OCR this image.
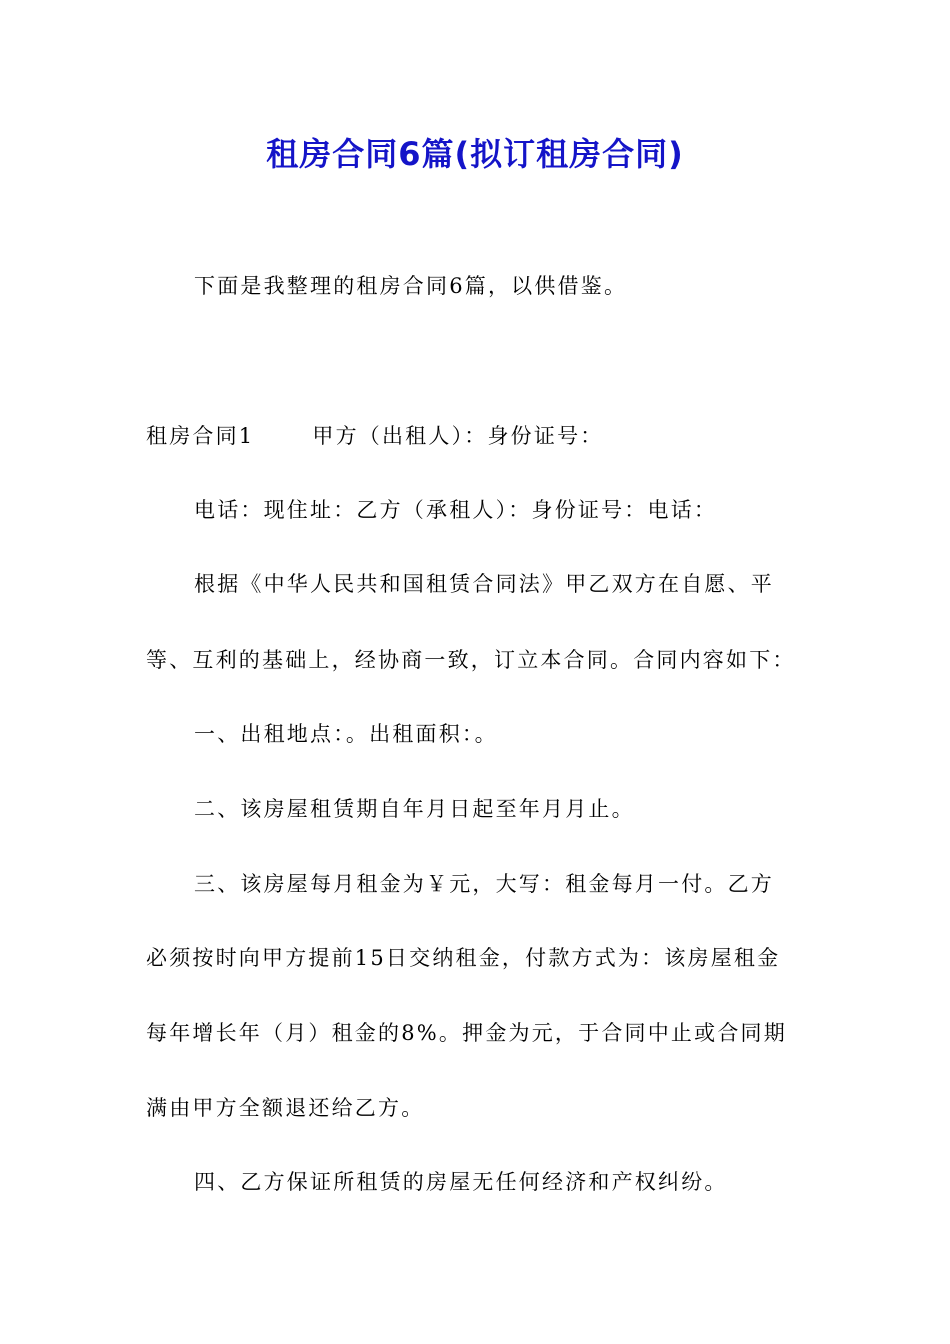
租房合同6篇(拟订租房合同)
下面是我整理的租房合同6篇，以供借鉴。
租房合同1	甲方（出租人）：身份证号：
电话：现住址：乙方（承租人）：身份证号：电话：
根据《中华人民共和国租赁合同法》甲乙双方在自愿、平
等、互利的基础上，经协商一致，订立本合同。合同内容如下：
一、出租地点：。出租面积：。
二、该房屋租赁期自年月日起至年月月止。
三、该房屋每月租金为￥元，大写：租金每月一付。乙方
必须按时向甲方提前15日交纳租金，付款方式为：该房屋租金
每年增长年（月）租金的8%。押金为元，于合同中止或合同期
满由甲方全额退还给乙方。
四、乙方保证所租赁的房屋无任何经济和产权纠纷。
